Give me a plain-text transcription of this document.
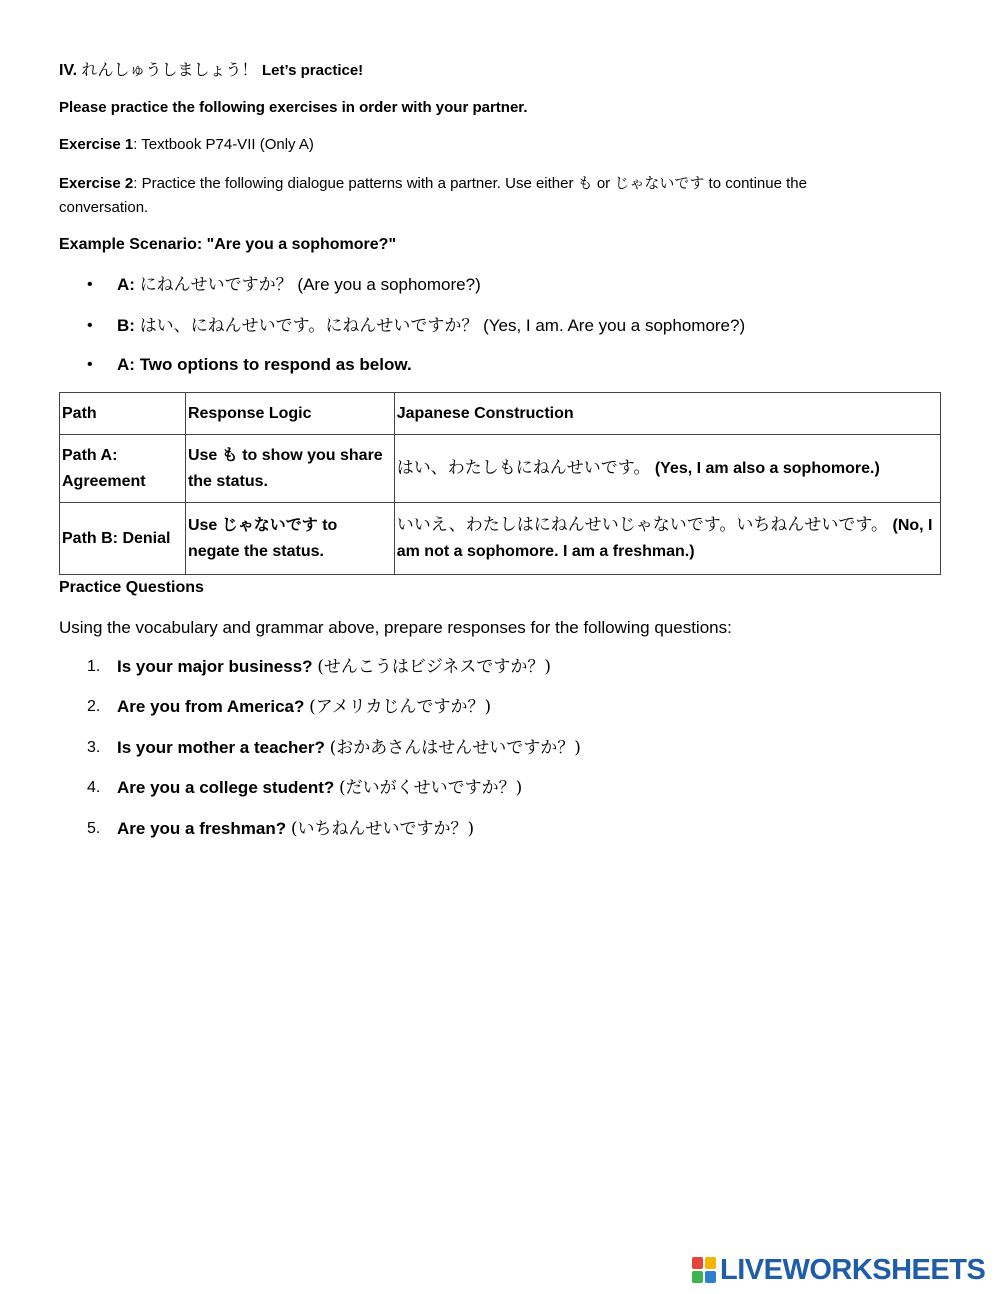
IV. れんしゅうしましょう！ Let’s practice!
Please practice the following exercises in order with your partner.
Exercise 1: Textbook P74-VII (Only A)
Exercise 2: Practice the following dialogue patterns with a partner. Use either も or じゃないです to continue the
conversation.
Example Scenario: "Are you a sophomore?"
• A: にねんせいですか？ (Are you a sophomore?)
• B: はい、にねんせいです。にねんせいですか？ (Yes, I am. Are you a sophomore?)
• A: Two options to respond as below.
Path	Response Logic	Japanese Construction
Path A: Agreement	Use も to show you share the status.	はい、わたしもにねんせいです。 (Yes, I am also a sophomore.)
Path B: Denial	Use じゃないです to negate the status.	いいえ、わたしはにねんせいじゃないです。いちねんせいです。 (No, I am not a sophomore. I am a freshman.)
Practice Questions
Using the vocabulary and grammar above, prepare responses for the following questions:
1. Is your major business? (せんこうはビジネスですか？)
2. Are you from America? (アメリカじんですか？)
3. Is your mother a teacher? (おかあさんはせんせいですか？)
4. Are you a college student? (だいがくせいですか？)
5. Are you a freshman? (いちねんせいですか？)
LIVEWORKSHEETS
